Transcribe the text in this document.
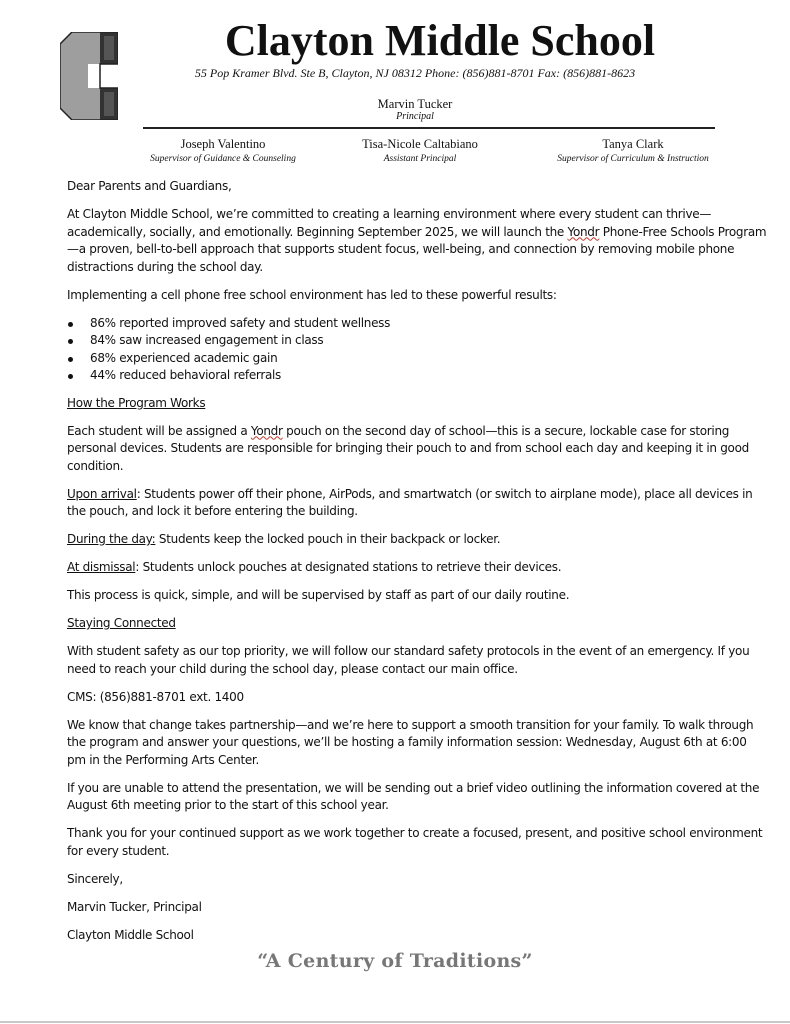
Clayton Middle School
55 Pop Kramer Blvd. Ste B, Clayton, NJ 08312 Phone: (856)881-8701 Fax: (856)881-8623
Marvin Tucker
Principal
Joseph Valentino
Supervisor of Guidance & Counseling
Tisa-Nicole Caltabiano
Assistant Principal
Tanya Clark
Supervisor of Curriculum & Instruction

Dear Parents and Guardians,

At Clayton Middle School, we’re committed to creating a learning environment where every student can thrive—academically, socially, and emotionally. Beginning September 2025, we will launch the Yondr Phone-Free Schools Program—a proven, bell-to-bell approach that supports student focus, well-being, and connection by removing mobile phone distractions during the school day.

Implementing a cell phone free school environment has led to these powerful results:

86% reported improved safety and student wellness
84% saw increased engagement in class
68% experienced academic gain
44% reduced behavioral referrals

How the Program Works

Each student will be assigned a Yondr pouch on the second day of school—this is a secure, lockable case for storing personal devices. Students are responsible for bringing their pouch to and from school each day and keeping it in good condition.

Upon arrival: Students power off their phone, AirPods, and smartwatch (or switch to airplane mode), place all devices in the pouch, and lock it before entering the building.

During the day: Students keep the locked pouch in their backpack or locker.

At dismissal: Students unlock pouches at designated stations to retrieve their devices.

This process is quick, simple, and will be supervised by staff as part of our daily routine.

Staying Connected

With student safety as our top priority, we will follow our standard safety protocols in the event of an emergency. If you need to reach your child during the school day, please contact our main office.

CMS: (856)881-8701 ext. 1400

We know that change takes partnership—and we’re here to support a smooth transition for your family. To walk through the program and answer your questions, we’ll be hosting a family information session: Wednesday, August 6th at 6:00 pm in the Performing Arts Center.

If you are unable to attend the presentation, we will be sending out a brief video outlining the information covered at the August 6th meeting prior to the start of this school year.

Thank you for your continued support as we work together to create a focused, present, and positive school environment for every student.

Sincerely,

Marvin Tucker, Principal

Clayton Middle School

“A Century of Traditions”
